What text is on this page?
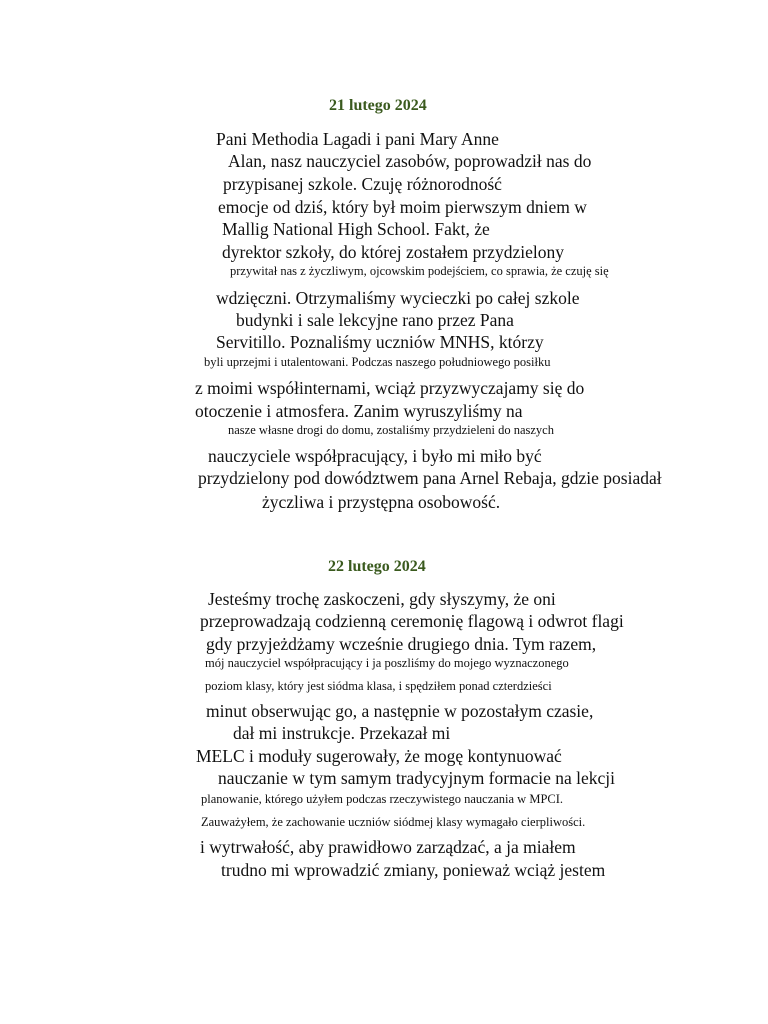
21 lutego 2024
Pani Methodia Lagadi i pani Mary Anne
Alan, nasz nauczyciel zasobów, poprowadził nas do
przypisanej szkole. Czuję różnorodność
emocje od dziś, który był moim pierwszym dniem w
Mallig National High School. Fakt, że
dyrektor szkoły, do której zostałem przydzielony
przywitał nas z życzliwym, ojcowskim podejściem, co sprawia, że czuję się
wdzięczni. Otrzymaliśmy wycieczki po całej szkole
budynki i sale lekcyjne rano przez Pana
Servitillo. Poznaliśmy uczniów MNHS, którzy
byli uprzejmi i utalentowani. Podczas naszego południowego posiłku
z moimi współinternami, wciąż przyzwyczajamy się do
otoczenie i atmosfera. Zanim wyruszyliśmy na
nasze własne drogi do domu, zostaliśmy przydzieleni do naszych
nauczyciele współpracujący, i było mi miło być
przydzielony pod dowództwem pana Arnel Rebaja, gdzie posiadał
życzliwa i przystępna osobowość.
22 lutego 2024
Jesteśmy trochę zaskoczeni, gdy słyszymy, że oni
przeprowadzają codzienną ceremonię flagową i odwrot flagi
gdy przyjeżdżamy wcześnie drugiego dnia. Tym razem,
mój nauczyciel współpracujący i ja poszliśmy do mojego wyznaczonego
poziom klasy, który jest siódma klasa, i spędziłem ponad czterdzieści
minut obserwując go, a następnie w pozostałym czasie,
dał mi instrukcje. Przekazał mi
MELC i moduły sugerowały, że mogę kontynuować
nauczanie w tym samym tradycyjnym formacie na lekcji
planowanie, którego użyłem podczas rzeczywistego nauczania w MPCI.
Zauważyłem, że zachowanie uczniów siódmej klasy wymagało cierpliwości.
i wytrwałość, aby prawidłowo zarządzać, a ja miałem
trudno mi wprowadzić zmiany, ponieważ wciąż jestem
